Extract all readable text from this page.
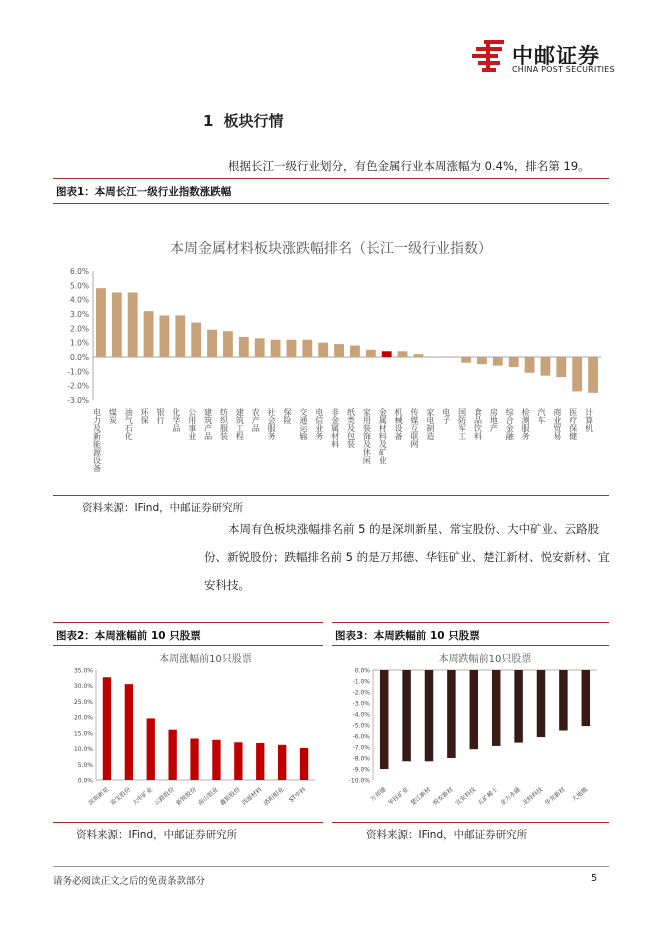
中邮证券
CHINA POST SECURITIES
1 板块行情
根据长江一级行业划分，有色金属行业本周涨幅为 0.4%，排名第 19。
图表1：本周长江一级行业指数涨跌幅
本周金属材料板块涨跌幅排名（长江一级行业指数）
6.0%
5.0%
4.0%
3.0%
2.0%
1.0%
0.0%
-1.0%
-2.0%
-3.0%
电力及新能源设备 煤炭 油气石化 环保 银行 化学品 公用事业 建筑产品 纺织服装 建筑工程 农产品 社会服务 保险 交通运输 电信业务 非金属材料 纸类及包装 家用装饰及休闲 金属材料及矿业 机械设备 传媒互联网 家电制造 电子 国防军工 食品饮料 房地产 综合金融 检测服务 汽车 商业贸易 医疗保健 计算机
资料来源：IFind，中邮证券研究所
本周有色板块涨幅排名前 5 的是深圳新星、常宝股份、大中矿业、云路股
份、新锐股份；跌幅排名前 5 的是万邦德、华钰矿业、楚江新材、悦安新材、宜
安科技。
图表2：本周涨幅前 10 只股票	图表3：本周跌幅前 10 只股票
本周涨幅前10只股票
35.0%
30.0%
25.0%
20.0%
15.0%
10.0%
5.0%
0.0%
深圳新星 常宝股份 大中矿业 云路股份 新锐股份 南山铝业 鑫铂股份 西部材料 洛阳钼业 ST中科
本周跌幅前10只股票
0.0%
-1.0%
-2.0%
-3.0%
-4.0%
-5.0%
-6.0%
-7.0%
-8.0%
-9.0%
-10.0%
万邦德 华钰矿业 楚江新材 悦安新材 宜安科技 五矿稀土 金力永磁 北特科技 华光新材 大地熊
资料来源：IFind，中邮证券研究所	资料来源：IFind，中邮证券研究所
请务必阅读正文之后的免责条款部分	5
